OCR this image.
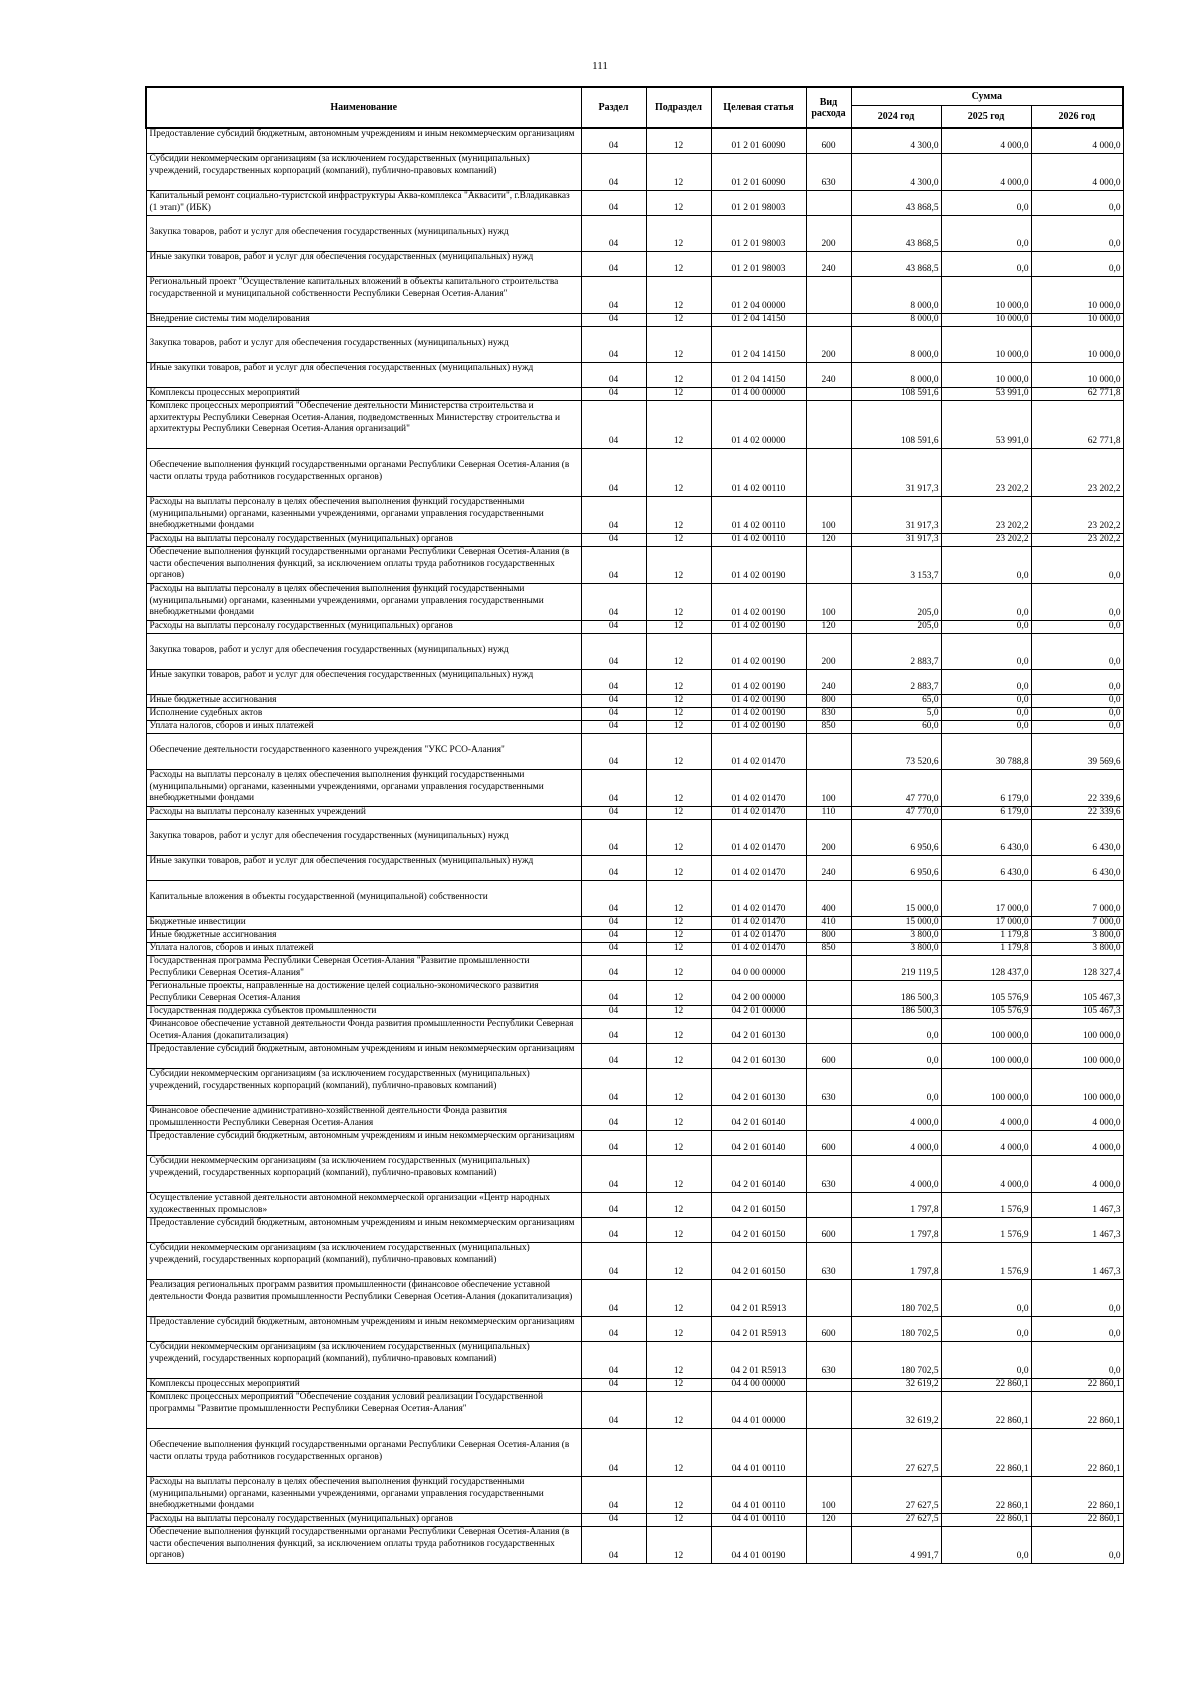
111
Наименование	Раздел	Подраздел	Целевая статья	Вид расхода	Сумма		
					2024 год	2025 год	2026 год
Предоставление субсидий бюджетным, автономным учреждениям и иным некоммерческим организациям	04	12	01 2 01 60090	600	4 300,0	4 000,0	4 000,0
Субсидии некоммерческим организациям (за исключением государственных (муниципальных) учреждений, государственных корпораций (компаний), публично-правовых компаний)	04	12	01 2 01 60090	630	4 300,0	4 000,0	4 000,0
Капитальный ремонт социально-туристской инфраструктуры Аква-комплекса "Аквасити", г.Владикавказ (1 этап)" (ИБК)	04	12	01 2 01 98003		43 868,5	0,0	0,0
Закупка товаров, работ и услуг для обеспечения государственных (муниципальных) нужд	04	12	01 2 01 98003	200	43 868,5	0,0	0,0
Иные закупки товаров, работ и услуг для обеспечения государственных (муниципальных) нужд	04	12	01 2 01 98003	240	43 868,5	0,0	0,0
Региональный проект "Осуществление капитальных вложений в объекты капитального строительства государственной и муниципальной собственности Республики Северная Осетия-Алания"	04	12	01 2 04 00000		8 000,0	10 000,0	10 000,0
Внедрение системы тим моделирования	04	12	01 2 04 14150		8 000,0	10 000,0	10 000,0
Закупка товаров, работ и услуг для обеспечения государственных (муниципальных) нужд	04	12	01 2 04 14150	200	8 000,0	10 000,0	10 000,0
Иные закупки товаров, работ и услуг для обеспечения государственных (муниципальных) нужд	04	12	01 2 04 14150	240	8 000,0	10 000,0	10 000,0
Комплексы процессных мероприятий	04	12	01 4 00 00000		108 591,6	53 991,0	62 771,8
Комплекс процессных мероприятий "Обеспечение деятельности Министерства строительства и архитектуры Республики Северная Осетия-Алания, подведомственных Министерству строительства и архитектуры Республики Северная Осетия-Алания организаций"	04	12	01 4 02 00000		108 591,6	53 991,0	62 771,8
Обеспечение выполнения функций государственными органами Республики Северная Осетия-Алания (в части оплаты труда работников государственных органов)	04	12	01 4 02 00110		31 917,3	23 202,2	23 202,2
Расходы на выплаты персоналу в целях обеспечения выполнения функций государственными (муниципальными) органами, казенными учреждениями, органами управления государственными внебюджетными фондами	04	12	01 4 02 00110	100	31 917,3	23 202,2	23 202,2
Расходы на выплаты персоналу государственных (муниципальных) органов	04	12	01 4 02 00110	120	31 917,3	23 202,2	23 202,2
Обеспечение выполнения функций государственными органами Республики Северная Осетия-Алания (в части обеспечения выполнения функций, за исключением оплаты труда работников государственных органов)	04	12	01 4 02 00190		3 153,7	0,0	0,0
Расходы на выплаты персоналу в целях обеспечения выполнения функций государственными (муниципальными) органами, казенными учреждениями, органами управления государственными внебюджетными фондами	04	12	01 4 02 00190	100	205,0	0,0	0,0
Расходы на выплаты персоналу государственных (муниципальных) органов	04	12	01 4 02 00190	120	205,0	0,0	0,0
Закупка товаров, работ и услуг для обеспечения государственных (муниципальных) нужд	04	12	01 4 02 00190	200	2 883,7	0,0	0,0
Иные закупки товаров, работ и услуг для обеспечения государственных (муниципальных) нужд	04	12	01 4 02 00190	240	2 883,7	0,0	0,0
Иные бюджетные ассигнования	04	12	01 4 02 00190	800	65,0	0,0	0,0
Исполнение судебных актов	04	12	01 4 02 00190	830	5,0	0,0	0,0
Уплата налогов, сборов и иных платежей	04	12	01 4 02 00190	850	60,0	0,0	0,0
Обеспечение деятельности государственного казенного учреждения "УКС РСО-Алания"	04	12	01 4 02 01470		73 520,6	30 788,8	39 569,6
Расходы на выплаты персоналу в целях обеспечения выполнения функций государственными (муниципальными) органами, казенными учреждениями, органами управления государственными внебюджетными фондами	04	12	01 4 02 01470	100	47 770,0	6 179,0	22 339,6
Расходы на выплаты персоналу казенных учреждений	04	12	01 4 02 01470	110	47 770,0	6 179,0	22 339,6
Закупка товаров, работ и услуг для обеспечения государственных (муниципальных) нужд	04	12	01 4 02 01470	200	6 950,6	6 430,0	6 430,0
Иные закупки товаров, работ и услуг для обеспечения государственных (муниципальных) нужд	04	12	01 4 02 01470	240	6 950,6	6 430,0	6 430,0
Капитальные вложения в объекты государственной (муниципальной) собственности	04	12	01 4 02 01470	400	15 000,0	17 000,0	7 000,0
Бюджетные инвестиции	04	12	01 4 02 01470	410	15 000,0	17 000,0	7 000,0
Иные бюджетные ассигнования	04	12	01 4 02 01470	800	3 800,0	1 179,8	3 800,0
Уплата налогов, сборов и иных платежей	04	12	01 4 02 01470	850	3 800,0	1 179,8	3 800,0
Государственная программа Республики Северная Осетия-Алания "Развитие промышленности Республики Северная Осетия-Алания"	04	12	04 0 00 00000		219 119,5	128 437,0	128 327,4
Региональные проекты, направленные на достижение целей социально-экономического развития Республики Северная Осетия-Алания	04	12	04 2 00 00000		186 500,3	105 576,9	105 467,3
Государственная поддержка субъектов промышленности	04	12	04 2 01 00000		186 500,3	105 576,9	105 467,3
Финансовое обеспечение уставной деятельности Фонда развития промышленности Республики Северная Осетия-Алания (докапитализация)	04	12	04 2 01 60130		0,0	100 000,0	100 000,0
Предоставление субсидий бюджетным, автономным учреждениям и иным некоммерческим организациям	04	12	04 2 01 60130	600	0,0	100 000,0	100 000,0
Субсидии некоммерческим организациям (за исключением государственных (муниципальных) учреждений, государственных корпораций (компаний), публично-правовых компаний)	04	12	04 2 01 60130	630	0,0	100 000,0	100 000,0
Финансовое обеспечение административно-хозяйственной деятельности Фонда развития промышленности Республики Северная Осетия-Алания	04	12	04 2 01 60140		4 000,0	4 000,0	4 000,0
Предоставление субсидий бюджетным, автономным учреждениям и иным некоммерческим организациям	04	12	04 2 01 60140	600	4 000,0	4 000,0	4 000,0
Субсидии некоммерческим организациям (за исключением государственных (муниципальных) учреждений, государственных корпораций (компаний), публично-правовых компаний)	04	12	04 2 01 60140	630	4 000,0	4 000,0	4 000,0
Осуществление уставной деятельности автономной некоммерческой организации «Центр народных художественных промыслов»	04	12	04 2 01 60150		1 797,8	1 576,9	1 467,3
Предоставление субсидий бюджетным, автономным учреждениям и иным некоммерческим организациям	04	12	04 2 01 60150	600	1 797,8	1 576,9	1 467,3
Субсидии некоммерческим организациям (за исключением государственных (муниципальных) учреждений, государственных корпораций (компаний), публично-правовых компаний)	04	12	04 2 01 60150	630	1 797,8	1 576,9	1 467,3
Реализация региональных программ развития промышленности (финансовое обеспечение уставной деятельности Фонда развития промышленности Республики Северная Осетия-Алания (докапитализация)	04	12	04 2 01 R5913		180 702,5	0,0	0,0
Предоставление субсидий бюджетным, автономным учреждениям и иным некоммерческим организациям	04	12	04 2 01 R5913	600	180 702,5	0,0	0,0
Субсидии некоммерческим организациям (за исключением государственных (муниципальных) учреждений, государственных корпораций (компаний), публично-правовых компаний)	04	12	04 2 01 R5913	630	180 702,5	0,0	0,0
Комплексы процессных мероприятий	04	12	04 4 00 00000		32 619,2	22 860,1	22 860,1
Комплекс процессных мероприятий "Обеспечение создания условий реализации Государственной программы "Развитие промышленности Республики Северная Осетия-Алания"	04	12	04 4 01 00000		32 619,2	22 860,1	22 860,1
Обеспечение выполнения функций государственными органами Республики Северная Осетия-Алания (в части оплаты труда работников государственных органов)	04	12	04 4 01 00110		27 627,5	22 860,1	22 860,1
Расходы на выплаты персоналу в целях обеспечения выполнения функций государственными (муниципальными) органами, казенными учреждениями, органами управления государственными внебюджетными фондами	04	12	04 4 01 00110	100	27 627,5	22 860,1	22 860,1
Расходы на выплаты персоналу государственных (муниципальных) органов	04	12	04 4 01 00110	120	27 627,5	22 860,1	22 860,1
Обеспечение выполнения функций государственными органами Республики Северная Осетия-Алания (в части обеспечения выполнения функций, за исключением оплаты труда работников государственных органов)	04	12	04 4 01 00190		4 991,7	0,0	0,0
